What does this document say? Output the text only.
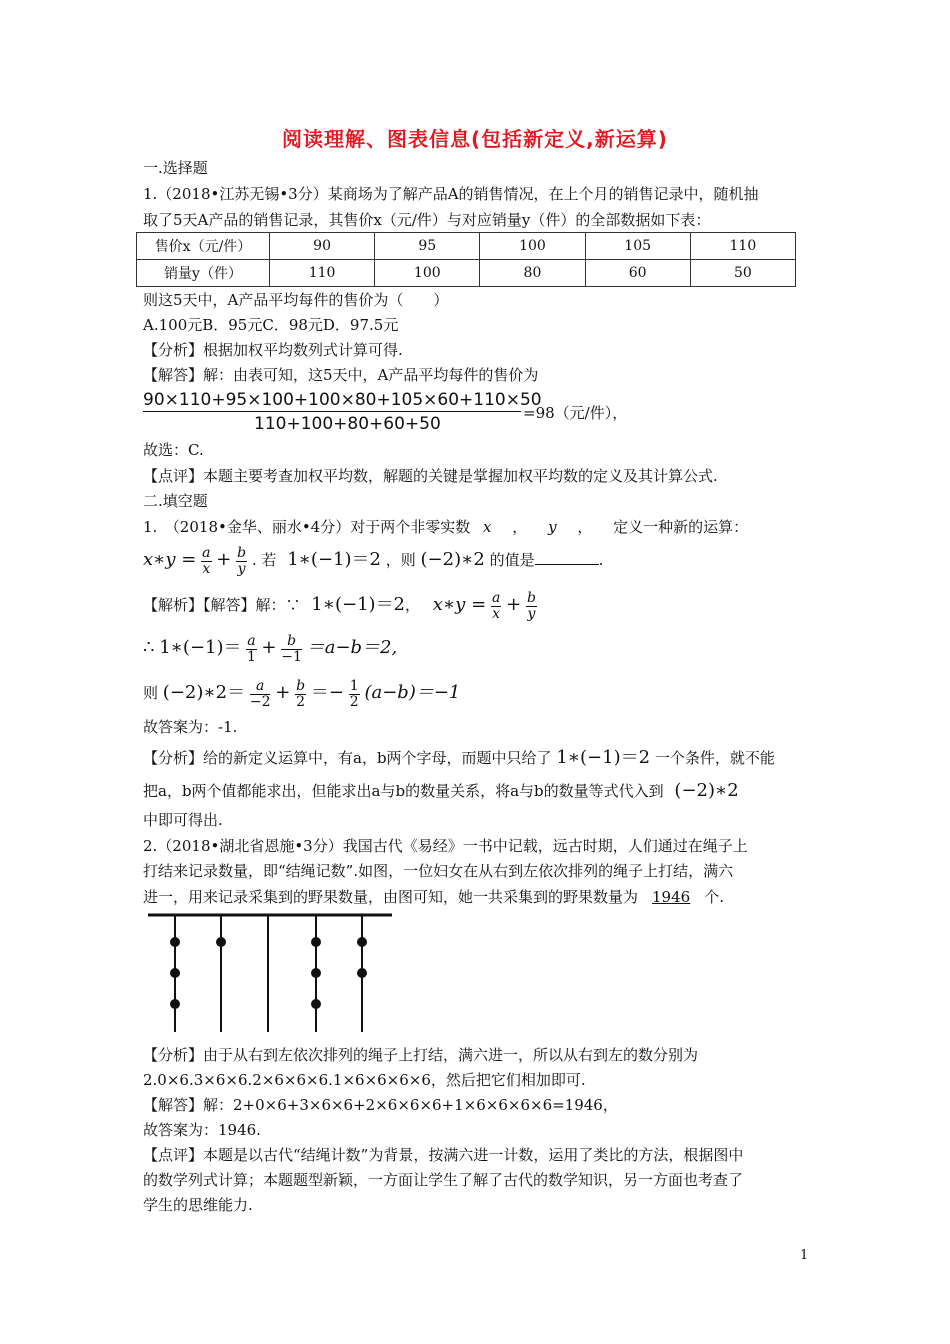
阅读理解、图表信息(包括新定义,新运算)
一.选择题
1.（2018•江苏无锡•3分）某商场为了解产品A的销售情况，在上个月的销售记录中，随机抽
取了5天A产品的销售记录，其售价x（元/件）与对应销量y（件）的全部数据如下表：
售价x（元/件）	90	95	100	105	110
销量y（件）	110	100	80	60	50
则这5天中，A产品平均每件的售价为（　　）
A.100元B．95元C．98元D．97.5元
【分析】根据加权平均数列式计算可得.
【解答】解：由表可知，这5天中，A产品平均每件的售价为
90×110+95×100+100×80+105×60+110×50
110+100+80+60+50
=98（元/件），
故选：C.
【点评】本题主要考查加权平均数，解题的关键是掌握加权平均数的定义及其计算公式.
二.填空题
1.　（2018•金华、丽水•4分）对于两个非零实数 x ， y ， 定义一种新的运算：
x∗y = $\frac{a}{x} + \frac{b}{y}$ . 若 1∗(−1)＝2 ，则 (−2)∗2 的值是	.
【解析】【解答】解：∵ 1∗(−1)＝2， x∗y = $\frac{a}{x} + \frac{b}{y}$
∴ 1∗(−1)＝ $\frac{a}{1} + \frac{b}{-1} =a-b=2$,
则 (−2)∗2＝ $\frac{a}{-2} + \frac{b}{2} =- \frac{1}{2} (a-b)=-1$
故答案为：-1.
【分析】给的新定义运算中，有a，b两个字母，而题中只给了 1∗(−1)＝2 一个条件，就不能
把a，b两个值都能求出，但能求出a与b的数量关系，将a与b的数量等式代入到 (−2)∗2
中即可得出.
2.（2018•湖北省恩施•3分）我国古代《易经》一书中记载，远古时期，人们通过在绳子上
打结来记录数量，即“结绳记数”.如图，一位妇女在从右到左依次排列的绳子上打结，满六
进一，用来记录采集到的野果数量，由图可知，她一共采集到的野果数量为 1946 个.
【分析】由于从右到左依次排列的绳子上打结，满六进一，所以从右到左的数分别为
2.0×6.3×6×6.2×6×6×6.1×6×6×6×6，然后把它们相加即可.
【解答】解：2+0×6+3×6×6+2×6×6×6+1×6×6×6×6=1946，
故答案为：1946.
【点评】本题是以古代“结绳计数”为背景，按满六进一计数，运用了类比的方法，根据图中
的数学列式计算；本题题型新颖，一方面让学生了解了古代的数学知识，另一方面也考查了
学生的思维能力.
1
